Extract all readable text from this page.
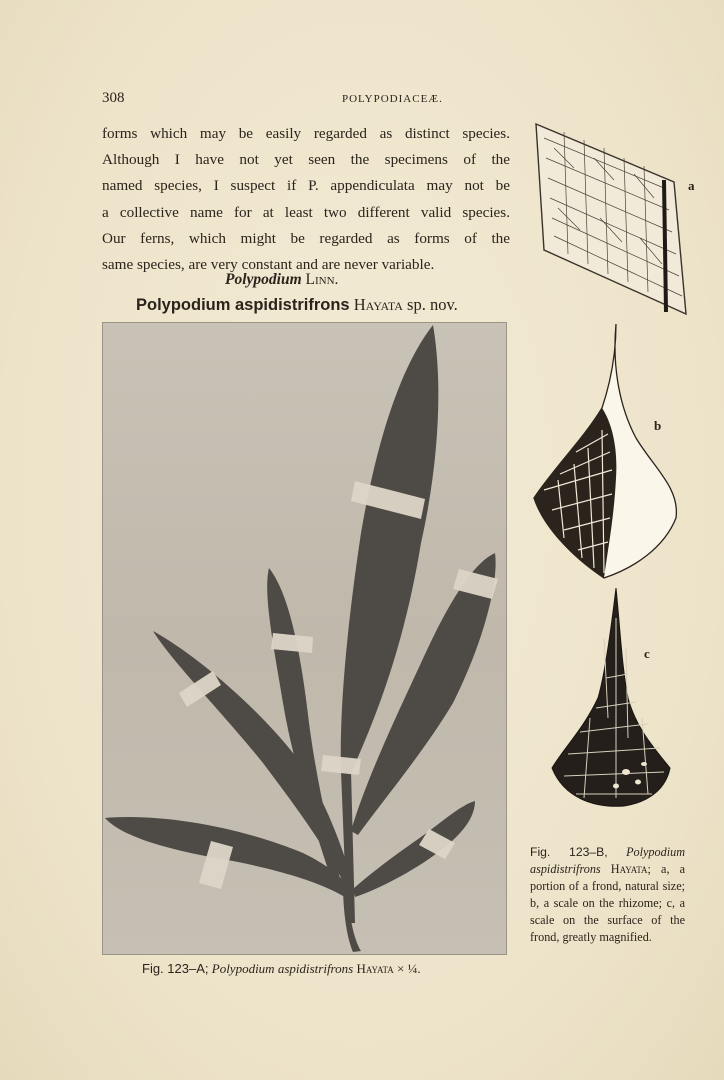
308	POLYPODIACEÆ.
forms which may be easily regarded as distinct species.
Although I have not yet seen the specimens of the
named species, I suspect if P. appendiculata may not be
a collective name for at least two different valid species.
Our ferns, which might be regarded as forms of the
same species, are very constant and are never variable.
Polypodium Linn.
Polypodium aspidistrifrons Hayata sp. nov.
Fig. 123–A; Polypodium aspidistrifrons Hayata × ¼.
a
b
c
Fig. 123–B, Polypodium aspidistrifrons Hayata; a, a portion of a frond, natural size; b, a scale on the rhizome; c, a scale on the surface of the frond, greatly magnified.
